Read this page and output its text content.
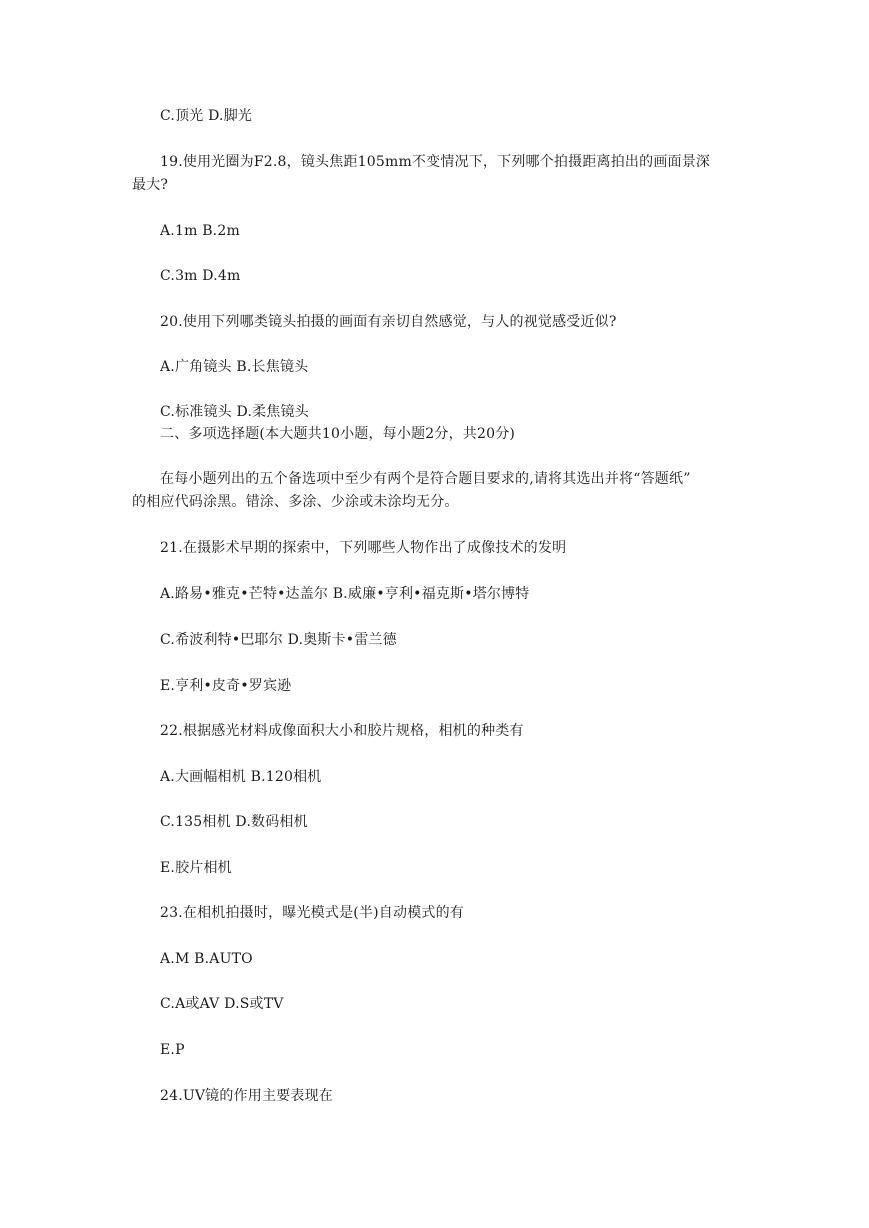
C.顶光 D.脚光
19.使用光圈为F2.8，镜头焦距105mm不变情况下，下列哪个拍摄距离拍出的画面景深
最大?
A.1m B.2m
C.3m D.4m
20.使用下列哪类镜头拍摄的画面有亲切自然感觉，与人的视觉感受近似?
A.广角镜头 B.长焦镜头
C.标准镜头 D.柔焦镜头
二、多项选择题(本大题共10小题，每小题2分，共20分)
在每小题列出的五个备选项中至少有两个是符合题目要求的,请将其选出并将“答题纸”
的相应代码涂黑。错涂、多涂、少涂或未涂均无分。
21.在摄影术早期的探索中，下列哪些人物作出了成像技术的发明
A.路易•雅克•芒特•达盖尔 B.威廉•亨利•福克斯•塔尔博特
C.希波利特•巴耶尔 D.奥斯卡•雷兰德
E.亨利•皮奇•罗宾逊
22.根据感光材料成像面积大小和胶片规格，相机的种类有
A.大画幅相机 B.120相机
C.135相机 D.数码相机
E.胶片相机
23.在相机拍摄时，曝光模式是(半)自动模式的有
A.M B.AUTO
C.A或AV D.S或TV
E.P
24.UV镜的作用主要表现在
